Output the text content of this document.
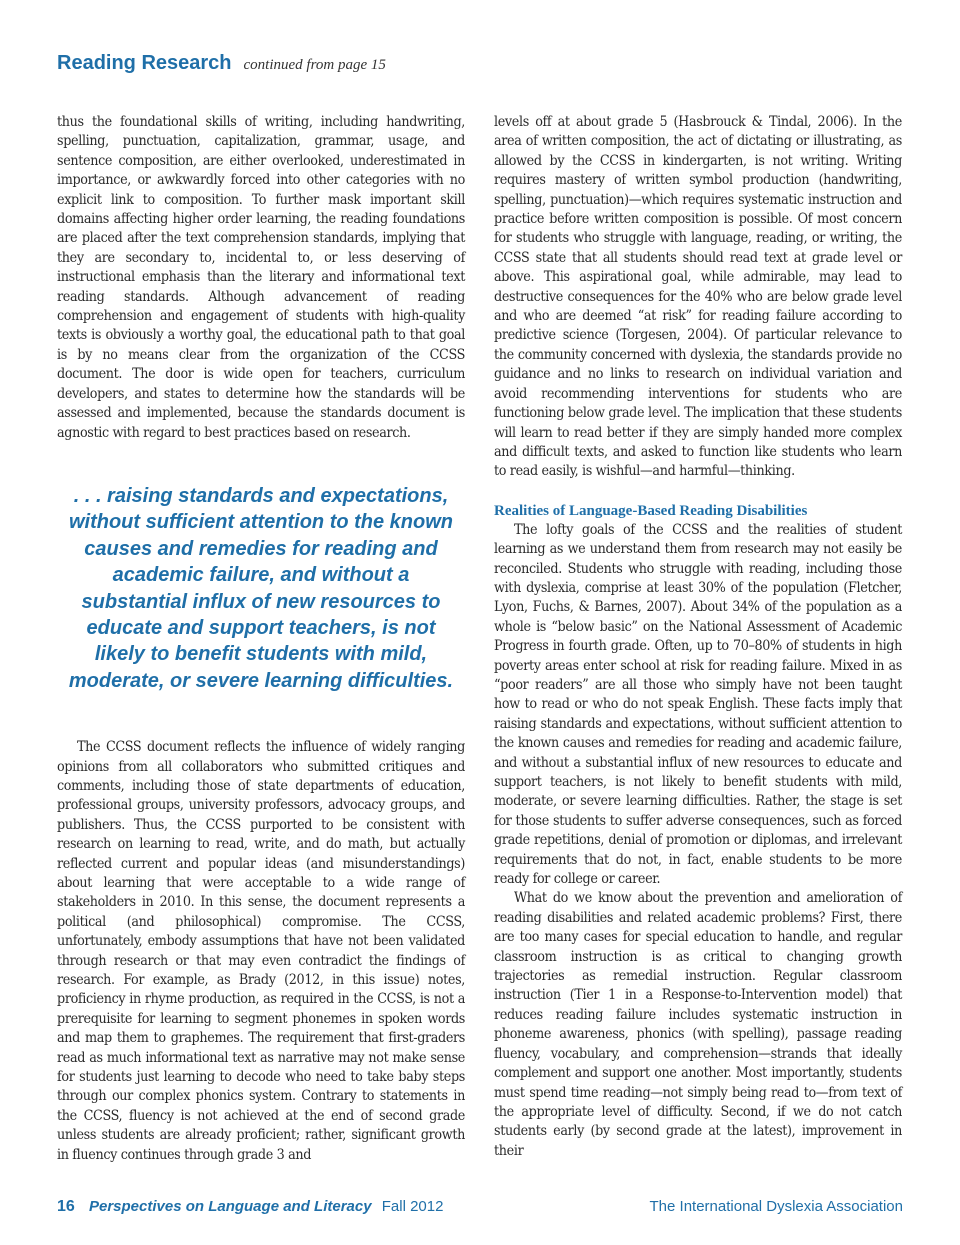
Reading Research continued from page 15

thus the foundational skills of writing, including handwriting, spelling, punctuation, capitalization, grammar, usage, and sentence composition, are either overlooked, underestimated in importance, or awkwardly forced into other categories with no explicit link to composition. To further mask important skill domains affecting higher order learning, the reading foundations are placed after the text comprehension standards, implying that they are secondary to, incidental to, or less deserving of instructional emphasis than the literary and informational text reading standards. Although advancement of reading comprehension and engagement of students with high-quality texts is obviously a worthy goal, the educational path to that goal is by no means clear from the organization of the CCSS document. The door is wide open for teachers, curriculum developers, and states to determine how the standards will be assessed and implemented, because the standards document is agnostic with regard to best practices based on research.

. . . raising standards and expectations, without sufficient attention to the known causes and remedies for reading and academic failure, and without a substantial influx of new resources to educate and support teachers, is not likely to benefit students with mild, moderate, or severe learning difficulties.

The CCSS document reflects the influence of widely ranging opinions from all collaborators who submitted critiques and comments, including those of state departments of education, professional groups, university professors, advocacy groups, and publishers. Thus, the CCSS purported to be consistent with research on learning to read, write, and do math, but actually reflected current and popular ideas (and misunderstandings) about learning that were acceptable to a wide range of stakeholders in 2010. In this sense, the document represents a political (and philosophical) compromise. The CCSS, unfortunately, embody assumptions that have not been validated through research or that may even contradict the findings of research. For example, as Brady (2012, in this issue) notes, proficiency in rhyme production, as required in the CCSS, is not a prerequisite for learning to segment phonemes in spoken words and map them to graphemes. The requirement that first-graders read as much informational text as narrative may not make sense for students just learning to decode who need to take baby steps through our complex phonics system. Contrary to statements in the CCSS, fluency is not achieved at the end of second grade unless students are already proficient; rather, significant growth in fluency continues through grade 3 and

levels off at about grade 5 (Hasbrouck & Tindal, 2006). In the area of written composition, the act of dictating or illustrating, as allowed by the CCSS in kindergarten, is not writing. Writing requires mastery of written symbol production (handwriting, spelling, punctuation)—which requires systematic instruction and practice before written composition is possible. Of most concern for students who struggle with language, reading, or writing, the CCSS state that all students should read text at grade level or above. This aspirational goal, while admirable, may lead to destructive consequences for the 40% who are below grade level and who are deemed “at risk” for reading failure according to predictive science (Torgesen, 2004). Of particular relevance to the community concerned with dyslexia, the standards provide no guidance and no links to research on individual variation and avoid recommending interventions for students who are functioning below grade level. The implication that these students will learn to read better if they are simply handed more complex and difficult texts, and asked to function like students who learn to read easily, is wishful—and harmful—thinking.

Realities of Language-Based Reading Disabilities

The lofty goals of the CCSS and the realities of student learning as we understand them from research may not easily be reconciled. Students who struggle with reading, including those with dyslexia, comprise at least 30% of the population (Fletcher, Lyon, Fuchs, & Barnes, 2007). About 34% of the population as a whole is “below basic” on the National Assessment of Academic Progress in fourth grade. Often, up to 70–80% of students in high poverty areas enter school at risk for reading failure. Mixed in as “poor readers” are all those who simply have not been taught how to read or who do not speak English. These facts imply that raising standards and expectations, without sufficient attention to the known causes and remedies for reading and academic failure, and without a substantial influx of new resources to educate and support teachers, is not likely to benefit students with mild, moderate, or severe learning difficulties. Rather, the stage is set for those students to suffer adverse consequences, such as forced grade repetitions, denial of promotion or diplomas, and irrelevant requirements that do not, in fact, enable students to be more ready for college or career.

What do we know about the prevention and amelioration of reading disabilities and related academic problems? First, there are too many cases for special education to handle, and regular classroom instruction is as critical to changing growth trajectories as remedial instruction. Regular classroom instruction (Tier 1 in a Response-to-Intervention model) that reduces reading failure includes systematic instruction in phoneme awareness, phonics (with spelling), passage reading fluency, vocabulary, and comprehension—strands that ideally complement and support one another. Most importantly, students must spend time reading—not simply being read to—from text of the appropriate level of difficulty. Second, if we do not catch students early (by second grade at the latest), improvement in their

16 Perspectives on Language and Literacy Fall 2012	The International Dyslexia Association
